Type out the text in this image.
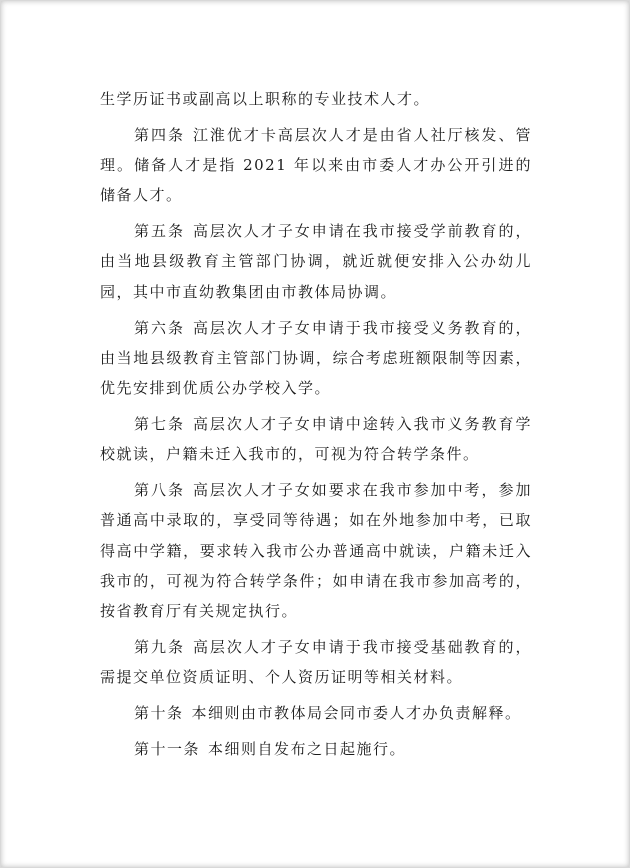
生学历证书或副高以上职称的专业技术人才。

第四条 江淮优才卡高层次人才是由省人社厅核发、管理。储备人才是指 2021 年以来由市委人才办公开引进的储备人才。

第五条 高层次人才子女申请在我市接受学前教育的，由当地县级教育主管部门协调，就近就便安排入公办幼儿园，其中市直幼教集团由市教体局协调。

第六条 高层次人才子女申请于我市接受义务教育的，由当地县级教育主管部门协调，综合考虑班额限制等因素，优先安排到优质公办学校入学。

第七条 高层次人才子女申请中途转入我市义务教育学校就读，户籍未迁入我市的，可视为符合转学条件。

第八条 高层次人才子女如要求在我市参加中考，参加普通高中录取的，享受同等待遇；如在外地参加中考，已取得高中学籍，要求转入我市公办普通高中就读，户籍未迁入我市的，可视为符合转学条件；如申请在我市参加高考的，按省教育厅有关规定执行。

第九条 高层次人才子女申请于我市接受基础教育的，需提交单位资质证明、个人资历证明等相关材料。

第十条 本细则由市教体局会同市委人才办负责解释。

第十一条 本细则自发布之日起施行。
